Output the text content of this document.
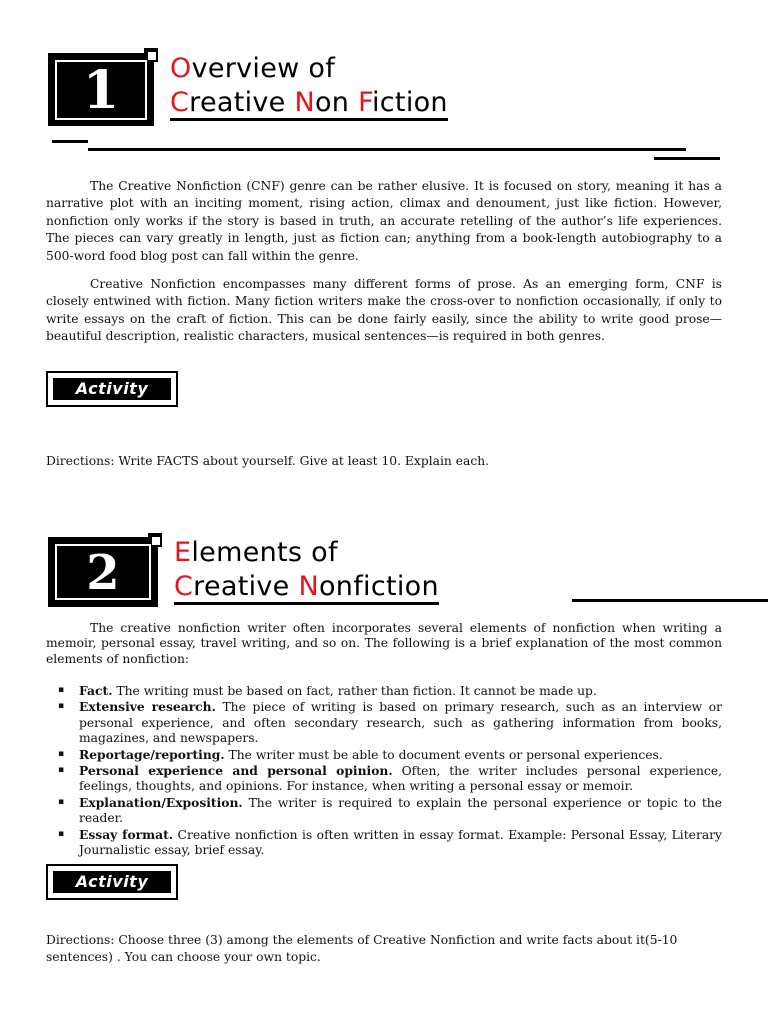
1	Overview of
Creative Non Fiction

The Creative Nonfiction (CNF) genre can be rather elusive. It is focused on story, meaning it has a narrative plot with an inciting moment, rising action, climax and denoument, just like fiction. However, nonfiction only works if the story is based in truth, an accurate retelling of the author’s life experiences. The pieces can vary greatly in length, just as fiction can; anything from a book-length autobiography to a 500-word food blog post can fall within the genre.

Creative Nonfiction encompasses many different forms of prose. As an emerging form, CNF is closely entwined with fiction. Many fiction writers make the cross-over to nonfiction occasionally, if only to write essays on the craft of fiction. This can be done fairly easily, since the ability to write good prose—beautiful description, realistic characters, musical sentences—is required in both genres.

Activity
Directions: Write FACTS about yourself. Give at least 10. Explain each.
2	Elements of
Creative Nonfiction

The creative nonfiction writer often incorporates several elements of nonfiction when writing a memoir, personal essay, travel writing, and so on. The following is a brief explanation of the most common elements of nonfiction:

▪ Fact. The writing must be based on fact, rather than fiction. It cannot be made up.
▪ Extensive research. The piece of writing is based on primary research, such as an interview or personal experience, and often secondary research, such as gathering information from books, magazines, and newspapers.
▪ Reportage/reporting. The writer must be able to document events or personal experiences.
▪ Personal experience and personal opinion. Often, the writer includes personal experience, feelings, thoughts, and opinions. For instance, when writing a personal essay or memoir.
▪ Explanation/Exposition. The writer is required to explain the personal experience or topic to the reader.
▪ Essay format. Creative nonfiction is often written in essay format. Example: Personal Essay, Literary Journalistic essay, brief essay.
Activity
Directions: Choose three (3) among the elements of Creative Nonfiction and write facts about it(5-10 sentences) . You can choose your own topic.
